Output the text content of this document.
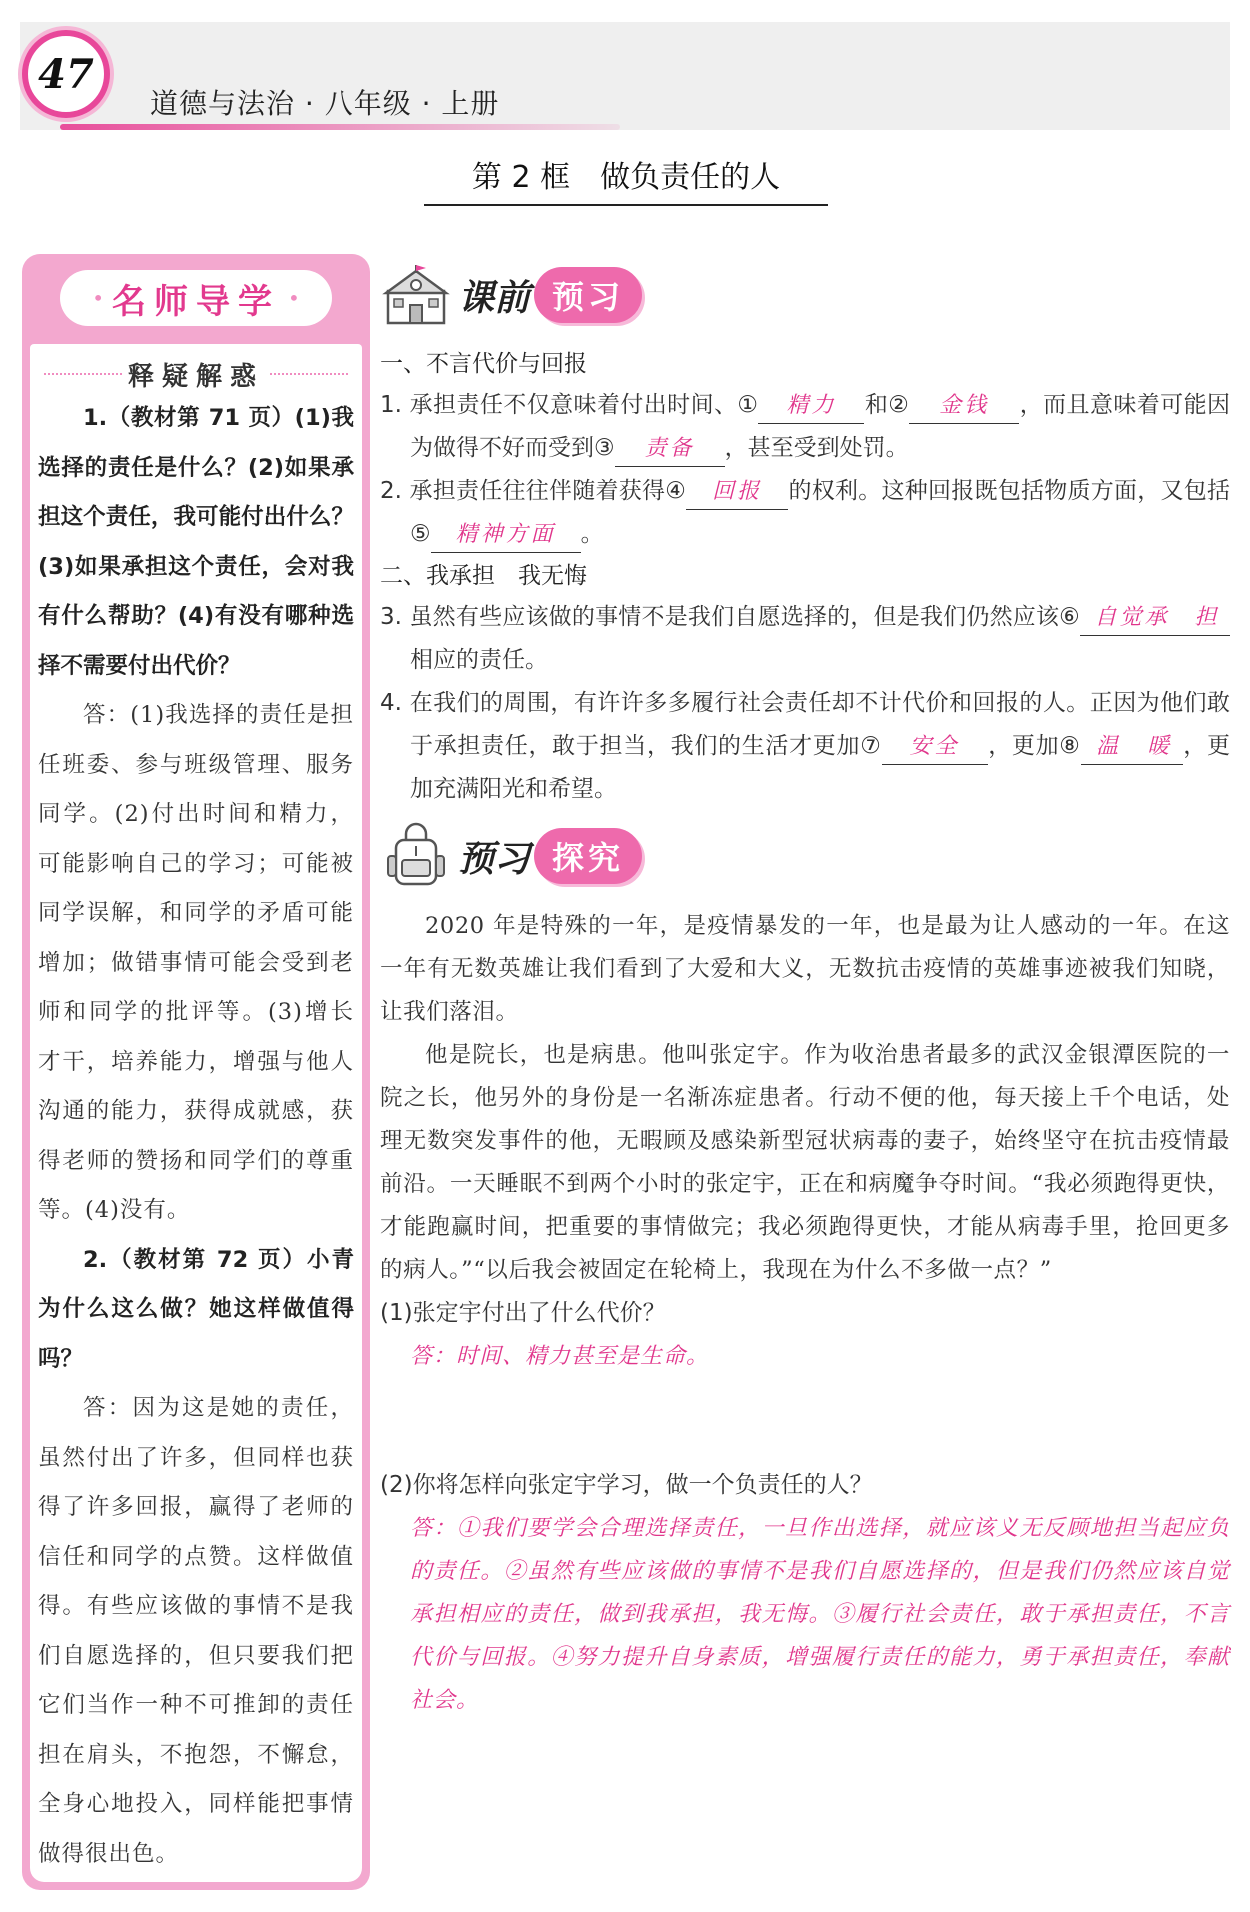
47
道德与法治 · 八年级 · 上册
第 2 框　做负责任的人
• 名师导学 •
释疑解惑

1.（教材第 71 页）(1)我选择的责任是什么？(2)如果承担这个责任，我可能付出什么？(3)如果承担这个责任，会对我有什么帮助？(4)有没有哪种选择不需要付出代价？

答：(1)我选择的责任是担任班委、参与班级管理、服务同学。(2)付出时间和精力，可能影响自己的学习；可能被同学误解，和同学的矛盾可能增加；做错事情可能会受到老师和同学的批评等。(3)增长才干，培养能力，增强与他人沟通的能力，获得成就感，获得老师的赞扬和同学们的尊重等。(4)没有。

2.（教材第 72 页）小青为什么这么做？她这样做值得吗？

答：因为这是她的责任，虽然付出了许多，但同样也获得了许多回报，赢得了老师的信任和同学的点赞。这样做值得。有些应该做的事情不是我们自愿选择的，但只要我们把它们当作一种不可推卸的责任担在肩头，不抱怨，不懈怠，全身心地投入，同样能把事情做得很出色。

课前 预习
一、不言代价与回报
1. 承担责任不仅意味着付出时间、① 精力 和② 金钱 ，而且意味着可能因为做得不好而受到③ 责备 ，甚至受到处罚。
2. 承担责任往往伴随着获得④ 回报 的权利。这种回报既包括物质方面，又包括⑤ 精神方面 。
二、我承担　我无悔
3. 虽然有些应该做的事情不是我们自愿选择的，但是我们仍然应该⑥ 自觉承 担相应的责任。
4. 在我们的周围，有许许多多履行社会责任却不计代价和回报的人。正因为他们敢于承担责任，敢于担当，我们的生活才更加⑦ 安全 ，更加⑧ 温 暖 ，更加充满阳光和希望。
预习 探究

2020 年是特殊的一年，是疫情暴发的一年，也是最为让人感动的一年。在这一年有无数英雄让我们看到了大爱和大义，无数抗击疫情的英雄事迹被我们知晓，让我们落泪。

他是院长，也是病患。他叫张定宇。作为收治患者最多的武汉金银潭医院的一院之长，他另外的身份是一名渐冻症患者。行动不便的他，每天接上千个电话，处理无数突发事件的他，无暇顾及感染新型冠状病毒的妻子，始终坚守在抗击疫情最前沿。一天睡眠不到两个小时的张定宇，正在和病魔争夺时间。“我必须跑得更快，才能跑赢时间，把重要的事情做完；我必须跑得更快，才能从病毒手里，抢回更多的病人。”“以后我会被固定在轮椅上，我现在为什么不多做一点？”

(1)张定宇付出了什么代价？

答：时间、精力甚至是生命。

(2)你将怎样向张定宇学习，做一个负责任的人？

答：①我们要学会合理选择责任，一旦作出选择，就应该义无反顾地担当起应负的责任。②虽然有些应该做的事情不是我们自愿选择的，但是我们仍然应该自觉承担相应的责任，做到我承担，我无悔。③履行社会责任，敢于承担责任，不言代价与回报。④努力提升自身素质，增强履行责任的能力，勇于承担责任，奉献社会。
